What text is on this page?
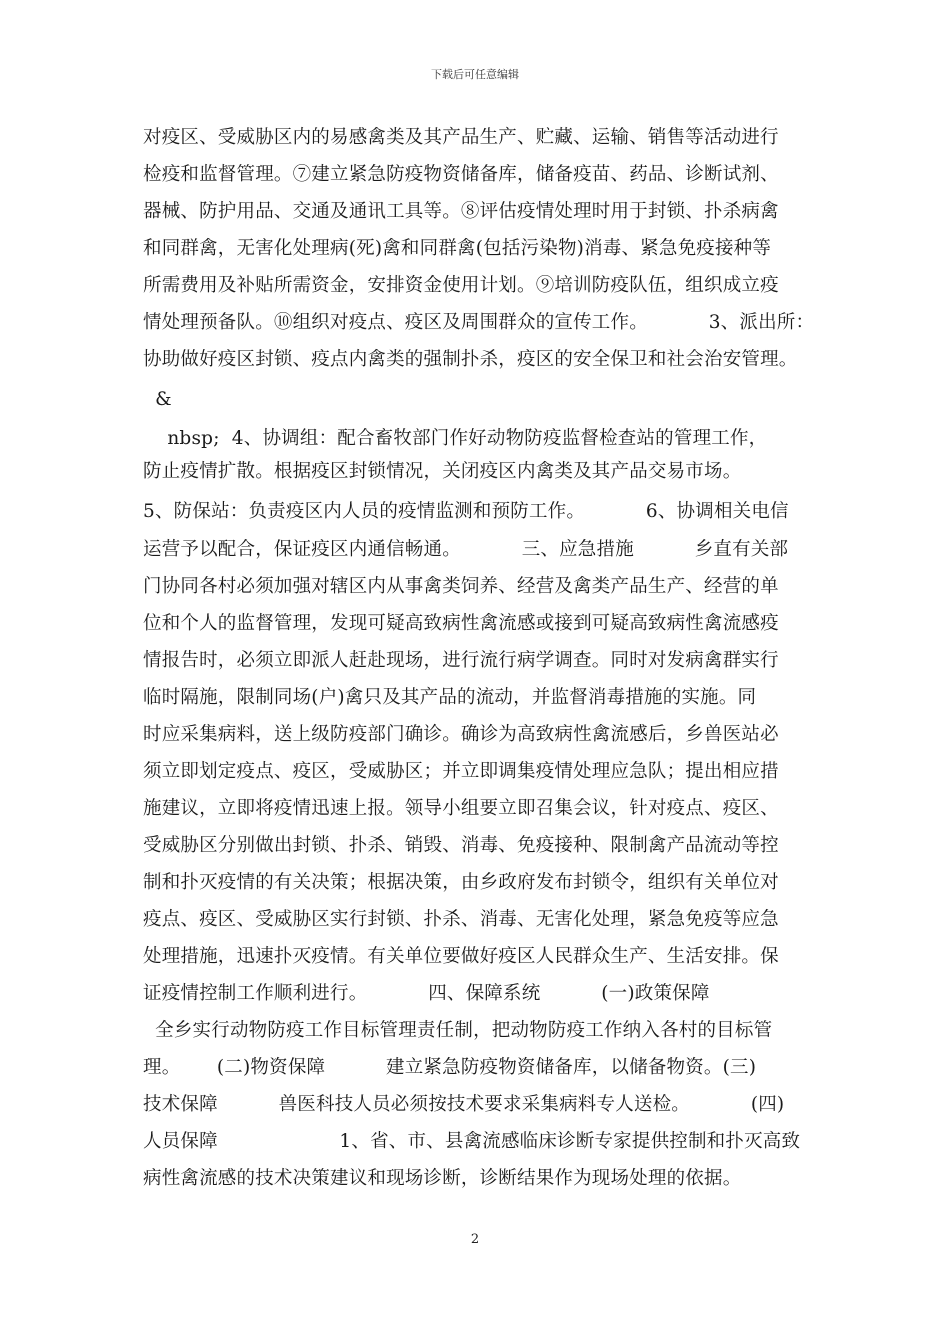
下载后可任意编辑
对疫区、受威胁区内的易感禽类及其产品生产、贮藏、运输、销售等活动进行
检疫和监督管理。⑦建立紧急防疫物资储备库，储备疫苗、药品、诊断试剂、
器械、防护用品、交通及通讯工具等。⑧评估疫情处理时用于封锁、扑杀病禽
和同群禽，无害化处理病(死)禽和同群禽(包括污染物)消毒、紧急免疫接种等
所需费用及补贴所需资金，安排资金使用计划。⑨培训防疫队伍，组织成立疫
情处理预备队。⑩组织对疫点、疫区及周围群众的宣传工作。          3、派出所：
协助做好疫区封锁、疫点内禽类的强制扑杀，疫区的安全保卫和社会治安管理。
&
nbsp;  4、协调组：配合畜牧部门作好动物防疫监督检查站的管理工作，
防止疫情扩散。根据疫区封锁情况，关闭疫区内禽类及其产品交易市场。
5、防保站：负责疫区内人员的疫情监测和预防工作。          6、协调相关电信
运营予以配合，保证疫区内通信畅通。          三、应急措施          乡直有关部
门协同各村必须加强对辖区内从事禽类饲养、经营及禽类产品生产、经营的单
位和个人的监督管理，发现可疑高致病性禽流感或接到可疑高致病性禽流感疫
情报告时，必须立即派人赶赴现场，进行流行病学调查。同时对发病禽群实行
临时隔施，限制同场(户)禽只及其产品的流动，并监督消毒措施的实施。同
时应采集病料，送上级防疫部门确诊。确诊为高致病性禽流感后，乡兽医站必
须立即划定疫点、疫区，受威胁区；并立即调集疫情处理应急队；提出相应措
施建议，立即将疫情迅速上报。领导小组要立即召集会议，针对疫点、疫区、
受威胁区分别做出封锁、扑杀、销毁、消毒、免疫接种、限制禽产品流动等控
制和扑灭疫情的有关决策；根据决策，由乡政府发布封锁令，组织有关单位对
疫点、疫区、受威胁区实行封锁、扑杀、消毒、无害化处理，紧急免疫等应急
处理措施，迅速扑灭疫情。有关单位要做好疫区人民群众生产、生活安排。保
证疫情控制工作顺利进行。          四、保障系统          (一)政策保障
全乡实行动物防疫工作目标管理责任制，把动物防疫工作纳入各村的目标管
理。      (二)物资保障          建立紧急防疫物资储备库，以储备物资。(三)
技术保障          兽医科技人员必须按技术要求采集病料专人送检。          (四)
人员保障                    1、省、市、县禽流感临床诊断专家提供控制和扑灭高致
病性禽流感的技术决策建议和现场诊断，诊断结果作为现场处理的依据。
2
